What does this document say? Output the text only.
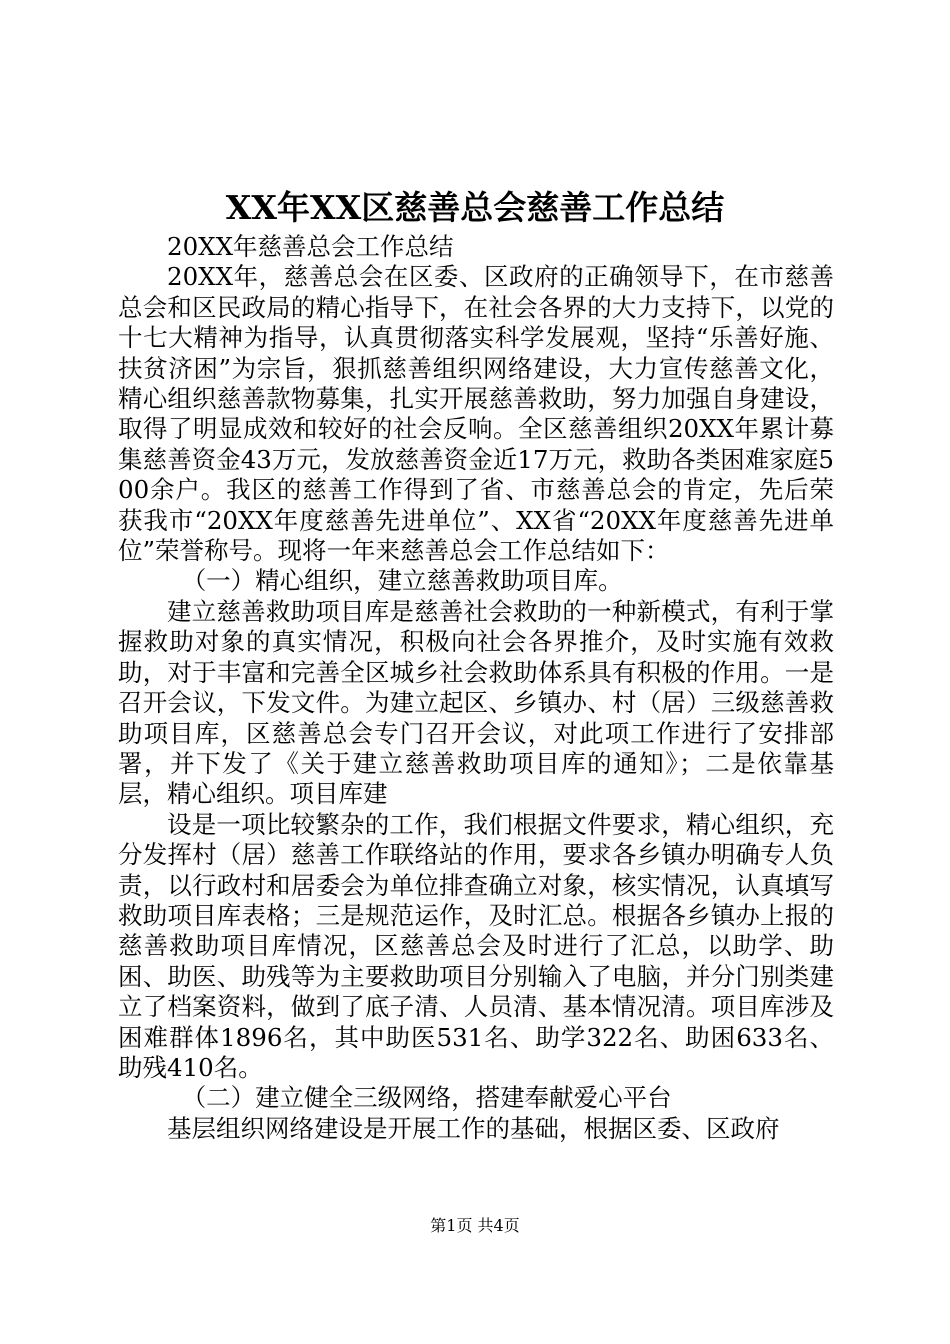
XX年XX区慈善总会慈善工作总结

20XX年慈善总会工作总结

20XX年，慈善总会在区委、区政府的正确领导下，在市慈善总会和区民政局的精心指导下，在社会各界的大力支持下，以党的十七大精神为指导，认真贯彻落实科学发展观，坚持“乐善好施、扶贫济困”为宗旨，狠抓慈善组织网络建设，大力宣传慈善文化，精心组织慈善款物募集，扎实开展慈善救助，努力加强自身建设，取得了明显成效和较好的社会反响。全区慈善组织20XX年累计募集慈善资金43万元，发放慈善资金近17万元，救助各类困难家庭500余户。我区的慈善工作得到了省、市慈善总会的肯定，先后荣获我市“20XX年度慈善先进单位”、XX省“20XX年度慈善先进单位”荣誉称号。现将一年来慈善总会工作总结如下：

（一）精心组织，建立慈善救助项目库。

建立慈善救助项目库是慈善社会救助的一种新模式，有利于掌握救助对象的真实情况，积极向社会各界推介，及时实施有效救助，对于丰富和完善全区城乡社会救助体系具有积极的作用。一是召开会议，下发文件。为建立起区、乡镇办、村（居）三级慈善救助项目库，区慈善总会专门召开会议，对此项工作进行了安排部署，并下发了《关于建立慈善救助项目库的通知》；二是依靠基层，精心组织。项目库建

设是一项比较繁杂的工作，我们根据文件要求，精心组织，充分发挥村（居）慈善工作联络站的作用，要求各乡镇办明确专人负责，以行政村和居委会为单位排查确立对象，核实情况，认真填写救助项目库表格；三是规范运作，及时汇总。根据各乡镇办上报的慈善救助项目库情况，区慈善总会及时进行了汇总，以助学、助困、助医、助残等为主要救助项目分别输入了电脑，并分门别类建立了档案资料，做到了底子清、人员清、基本情况清。项目库涉及困难群体1896名，其中助医531名、助学322名、助困633名、助残410名。

（二）建立健全三级网络，搭建奉献爱心平台

基层组织网络建设是开展工作的基础，根据区委、区政府

第1页 共4页
